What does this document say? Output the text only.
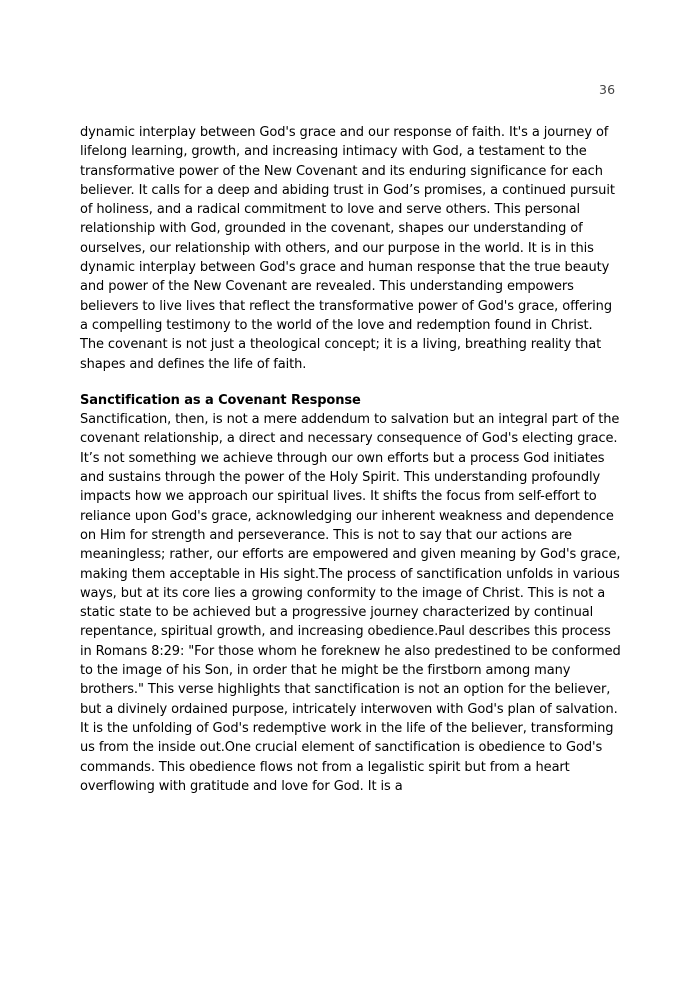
36

dynamic interplay between God's grace and our response of faith. It's a journey of lifelong learning, growth, and increasing intimacy with God, a testament to the transformative power of the New Covenant and its enduring significance for each believer. It calls for a deep and abiding trust in God’s promises, a continued pursuit of holiness, and a radical commitment to love and serve others. This personal relationship with God, grounded in the covenant, shapes our understanding of ourselves, our relationship with others, and our purpose in the world. It is in this dynamic interplay between God's grace and human response that the true beauty and power of the New Covenant are revealed. This understanding empowers believers to live lives that reflect the transformative power of God's grace, offering a compelling testimony to the world of the love and redemption found in Christ.
The covenant is not just a theological concept; it is a living, breathing reality that shapes and defines the life of faith.

Sanctification as a Covenant Response

Sanctification, then, is not a mere addendum to salvation but an integral part of the covenant relationship, a direct and necessary consequence of God's electing grace. It’s not something we achieve through our own efforts but a process God initiates and sustains through the power of the Holy Spirit. This understanding profoundly impacts how we approach our spiritual lives. It shifts the focus from self-effort to reliance upon God's grace, acknowledging our inherent weakness and dependence on Him for strength and perseverance. This is not to say that our actions are meaningless; rather, our efforts are empowered and given meaning by God's grace, making them acceptable in His sight.The process of sanctification unfolds in various ways, but at its core lies a growing conformity to the image of Christ. This is not a static state to be achieved but a progressive journey characterized by continual repentance, spiritual growth, and increasing obedience.Paul describes this process in Romans 8:29: "For those whom he foreknew he also predestined to be conformed to the image of his Son, in order that he might be the firstborn among many brothers." This verse highlights that sanctification is not an option for the believer, but a divinely ordained purpose, intricately interwoven with God's plan of salvation. It is the unfolding of God's redemptive work in the life of the believer, transforming us from the inside out.One crucial element of sanctification is obedience to God's commands. This obedience flows not from a legalistic spirit but from a heart overflowing with gratitude and love for God. It is a
